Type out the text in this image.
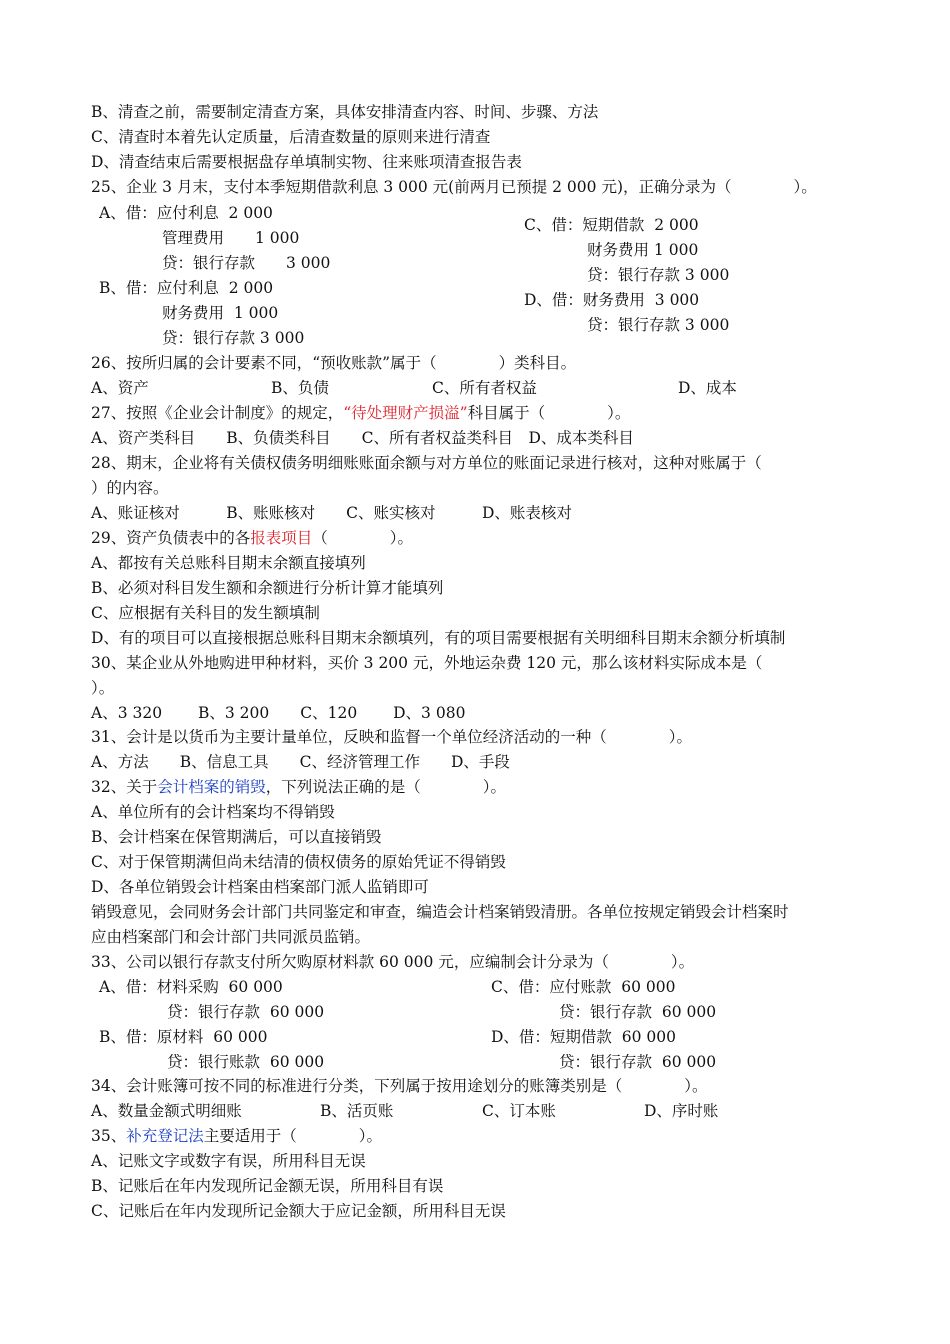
B、清查之前，需要制定清查方案，具体安排清查内容、时间、步骤、方法
C、清查时本着先认定质量，后清查数量的原则来进行清查
D、清查结束后需要根据盘存单填制实物、往来账项清查报告表
25、企业 3 月末，支付本季短期借款利息 3 000 元(前两月已预提 2 000 元)，正确分录为（　　　　）。
A、借：应付利息  2 000
管理费用　　1 000
贷：银行存款　　3 000
B、借：应付利息  2 000
财务费用  1 000
贷：银行存款 3 000
C、借：短期借款  2 000
财务费用 1 000
贷：银行存款 3 000
D、借：财务费用  3 000
贷：银行存款 3 000
26、按所归属的会计要素不同，“预收账款”属于（　　　　）类科目。
A、资产	B、负债	C、所有者权益	D、成本
27、按照《企业会计制度》的规定，“待处理财产损溢”科目属于（　　　　）。
A、资产类科目　　B、负债类科目　　C、所有者权益类科目　D、成本类科目
28、期末，企业将有关债权债务明细账账面余额与对方单位的账面记录进行核对，这种对账属于（
）的内容。
A、账证核对　　　B、账账核对　　C、账实核对　　　D、账表核对
29、资产负债表中的各报表项目（　　　　）。
A、都按有关总账科目期末余额直接填列
B、必须对科目发生额和余额进行分析计算才能填列
C、应根据有关科目的发生额填制
D、有的项目可以直接根据总账科目期末余额填列，有的项目需要根据有关明细科目期末余额分析填制
30、某企业从外地购进甲种材料，买价 3 200 元，外地运杂费 120 元，那么该材料实际成本是（
）。
A、3 320　　 B、3 200　　C、120　　 D、3 080
31、会计是以货币为主要计量单位，反映和监督一个单位经济活动的一种（　　　　）。
A、方法　　B、信息工具　　C、经济管理工作　　D、手段
32、关于会计档案的销毁，下列说法正确的是（　　　　）。
A、单位所有的会计档案均不得销毁
B、会计档案在保管期满后，可以直接销毁
C、对于保管期满但尚未结清的债权债务的原始凭证不得销毁
D、各单位销毁会计档案由档案部门派人监销即可
销毁意见，会同财务会计部门共同鉴定和审查，编造会计档案销毁清册。各单位按规定销毁会计档案时
应由档案部门和会计部门共同派员监销。
33、公司以银行存款支付所欠购原材料款 60 000 元，应编制会计分录为（　　　　）。
A、借：材料采购  60 000
贷：银行存款  60 000
B、借：原材料  60 000
贷：银行账款  60 000
C、借：应付账款  60 000
贷：银行存款  60 000
D、借：短期借款  60 000
贷：银行存款  60 000
34、会计账簿可按不同的标准进行分类，下列属于按用途划分的账簿类别是（　　　　）。
A、数量金额式明细账	B、活页账	C、订本账	D、序时账
35、补充登记法主要适用于（　　　　）。
A、记账文字或数字有误，所用科目无误
B、记账后在年内发现所记金额无误，所用科目有误
C、记账后在年内发现所记金额大于应记金额，所用科目无误
